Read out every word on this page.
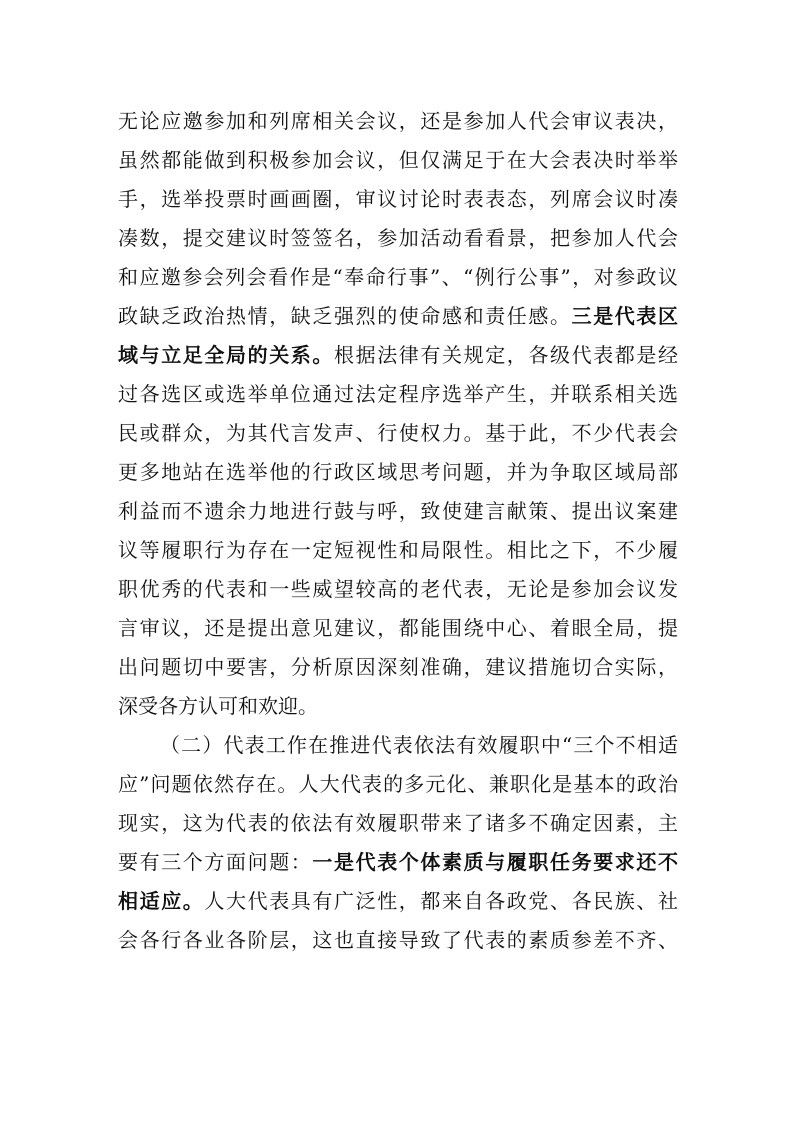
无论应邀参加和列席相关会议，还是参加人代会审议表决，
虽然都能做到积极参加会议，但仅满足于在大会表决时举举
手，选举投票时画画圈，审议讨论时表表态，列席会议时凑
凑数，提交建议时签签名，参加活动看看景，把参加人代会
和应邀参会列会看作是“奉命行事”、“例行公事”，对参政议
政缺乏政治热情，缺乏强烈的使命感和责任感。三是代表区
域与立足全局的关系。根据法律有关规定，各级代表都是经
过各选区或选举单位通过法定程序选举产生，并联系相关选
民或群众，为其代言发声、行使权力。基于此，不少代表会
更多地站在选举他的行政区域思考问题，并为争取区域局部
利益而不遗余力地进行鼓与呼，致使建言献策、提出议案建
议等履职行为存在一定短视性和局限性。相比之下，不少履
职优秀的代表和一些威望较高的老代表，无论是参加会议发
言审议，还是提出意见建议，都能围绕中心、着眼全局，提
出问题切中要害，分析原因深刻准确，建议措施切合实际，
深受各方认可和欢迎。
（二）代表工作在推进代表依法有效履职中“三个不相适
应”问题依然存在。人大代表的多元化、兼职化是基本的政治
现实，这为代表的依法有效履职带来了诸多不确定因素，主
要有三个方面问题：一是代表个体素质与履职任务要求还不
相适应。人大代表具有广泛性，都来自各政党、各民族、社
会各行各业各阶层，这也直接导致了代表的素质参差不齐、
